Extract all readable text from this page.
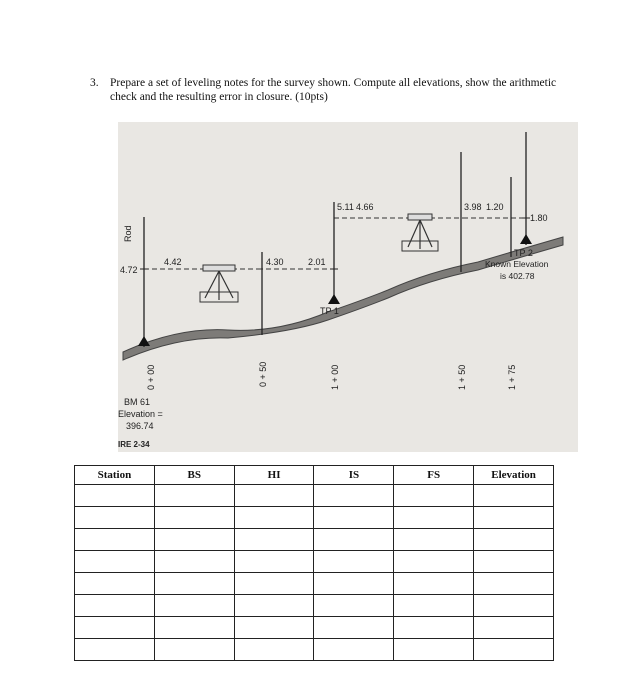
3. Prepare a set of leveling notes for the survey shown. Compute all elevations, show the arithmetic check and the resulting error in closure. (10pts)
Rod
4.72
4.42	4.30	2.01
5.11 4.66	3.98 1.20
1.80
0 + 00	0 + 50	1 + 00	1 + 50	1 + 75
TP 1
TP 2
Known Elevation
is 402.78
BM 61
Elevation =
396.74
IRE 2-34
Station	BS	HI	IS	FS	Elevation
